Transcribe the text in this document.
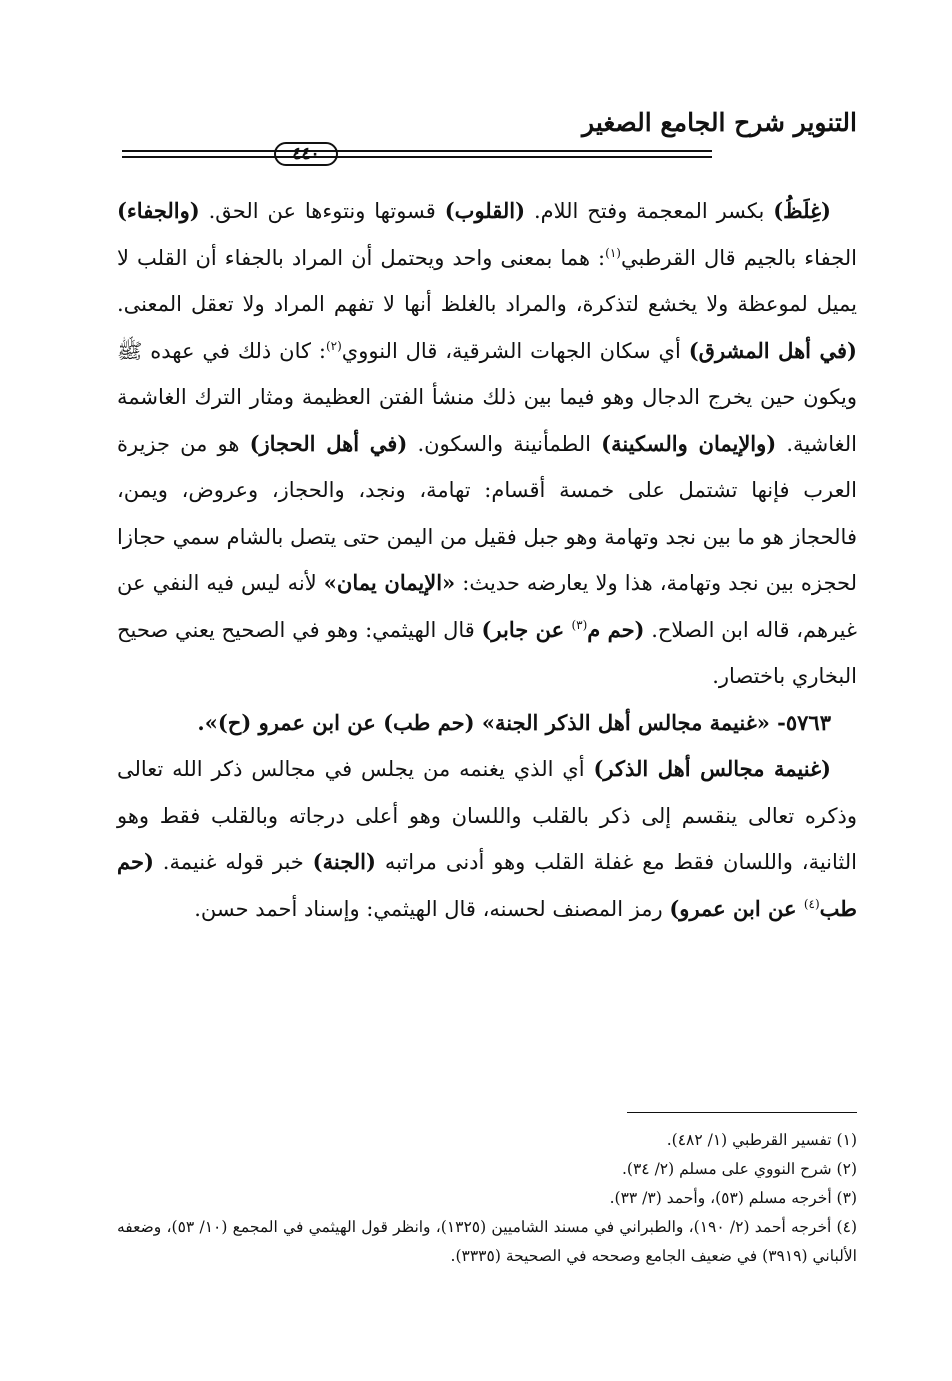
التنوير شرح الجامع الصغير
٤٤٠

(غِلَظُ) بكسر المعجمة وفتح اللام. (القلوب) قسوتها ونتوءها عن الحق. (والجفاء) الجفاء بالجيم قال القرطبي$^{(١)}$: هما بمعنى واحد ويحتمل أن المراد بالجفاء أن القلب لا يميل لموعظة ولا يخشع لتذكرة، والمراد بالغلظ أنها لا تفهم المراد ولا تعقل المعنى. (في أهل المشرق) أي سكان الجهات الشرقية، قال النووي$^{(٢)}$: كان ذلك في عهده ﷺ ويكون حين يخرج الدجال وهو فيما بين ذلك منشأ الفتن العظيمة ومثار الترك الغاشمة الغاشية. (والإيمان والسكينة) الطمأنينة والسكون. (في أهل الحجاز) هو من جزيرة العرب فإنها تشتمل على خمسة أقسام: تهامة، ونجد، والحجاز، وعروض، ويمن، فالحجاز هو ما بين نجد وتهامة وهو جبل فقيل من اليمن حتى يتصل بالشام سمي حجازا لحجزه بين نجد وتهامة، هذا ولا يعارضه حديث: «الإيمان يمان» لأنه ليس فيه النفي عن غيرهم، قاله ابن الصلاح. (حم م$^{(٣)}$ عن جابر) قال الهيثمي: وهو في الصحيح يعني صحيح البخاري باختصار.

٥٧٦٣- «غنيمة مجالس أهل الذكر الجنة» (حم طب) عن ابن عمرو (ح)».

(غنيمة مجالس أهل الذكر) أي الذي يغنمه من يجلس في مجالس ذكر الله تعالى وذكره تعالى ينقسم إلى ذكر بالقلب واللسان وهو أعلى درجاته وبالقلب فقط وهو الثانية، واللسان فقط مع غفلة القلب وهو أدنى مراتبه (الجنة) خبر قوله غنيمة. (حم طب$^{(٤)}$ عن ابن عمرو) رمز المصنف لحسنه، قال الهيثمي: وإسناد أحمد حسن.

(١) تفسير القرطبي (١/ ٤٨٢).

(٢) شرح النووي على مسلم (٢/ ٣٤).

(٣) أخرجه مسلم (٥٣)، وأحمد (٣/ ٣٣).

(٤) أخرجه أحمد (٢/ ١٩٠)، والطبراني في مسند الشاميين (١٣٢٥)، وانظر قول الهيثمي في المجمع (١٠/ ٥٣)، وضعفه الألباني (٣٩١٩) في ضعيف الجامع وصححه في الصحيحة (٣٣٣٥).
